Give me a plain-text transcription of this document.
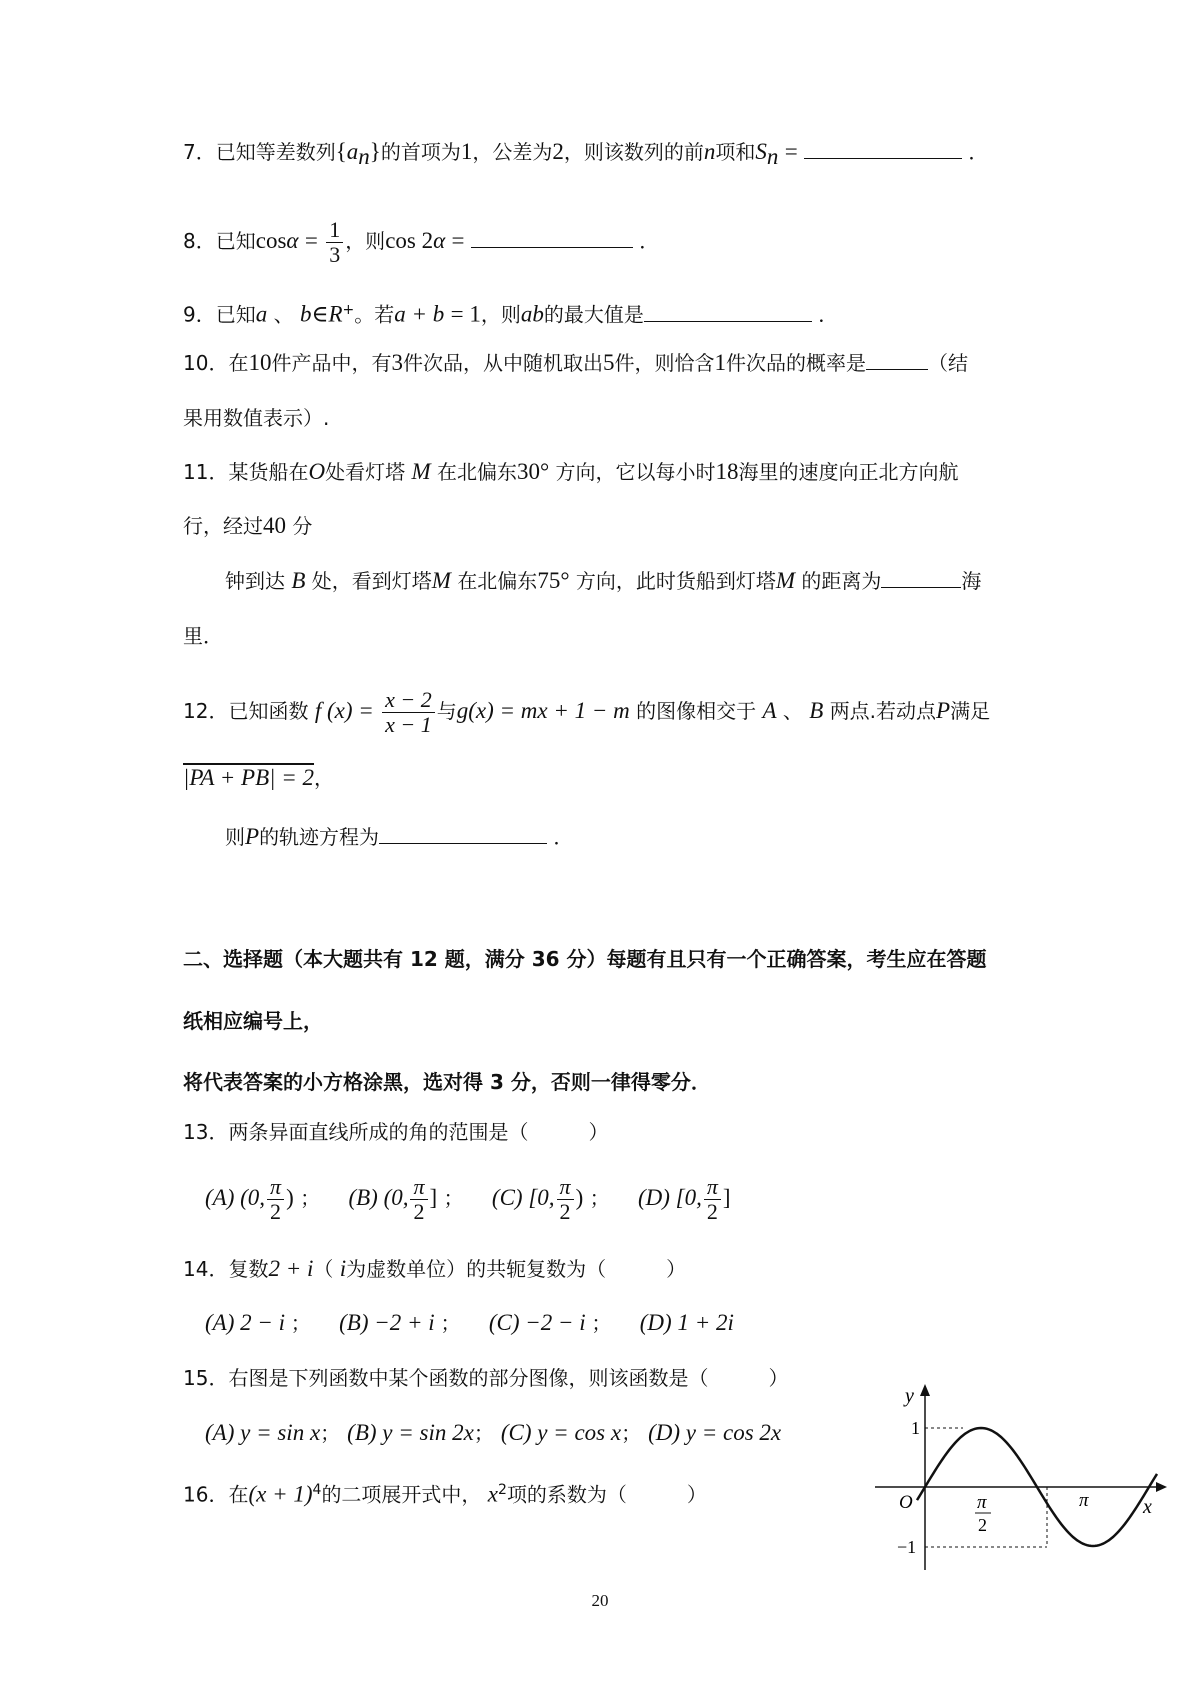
7．已知等差数列$\{a_n\}$的首项为1，公差为2，则该数列的前n项和$S_n$ =	．
8．已知$\cos\alpha = \frac{1}{3}$ ，则cos 2α =	．
9．已知a 、 b∈R+。若a + b = 1，则ab的最大值是	．
10．在10件产品中，有3件次品，从中随机取出5件，则恰含1件次品的概率是	（结
果用数值表示）.
11．某货船在O处看灯塔 M 在北偏东30° 方向，它以每小时18海里的速度向正北方向航
行，经过40 分
钟到达 B 处，看到灯塔M 在北偏东75° 方向，此时货船到灯塔M 的距离为	海
里．
12．已知函数 f $(x) = \frac{x - 2}{x - 1}$ 与g(x) = mx + 1 − m 的图像相交于 A 、 B 两点.若动点P满足
|PA + PB| = 2，
则P的轨迹方程为	．
二、选择题（本大题共有 12 题，满分 36 分）每题有且只有一个正确答案，考生应在答题
纸相应编号上，
将代表答案的小方格涂黑，选对得 3 分，否则一律得零分．
13．两条异面直线所成的角的范围是（　　　）
(A) (0, $\frac{\pi}{2}$ ) ； (B) (0, $\frac{\pi}{2}$ ] ； (C) [0, $\frac{\pi}{2}$ ) ； (D) [0, $\frac{\pi}{2}$ ]
14．复数2 + i（ i为虚数单位）的共轭复数为（　　　）
(A) 2 − i ； (B) −2 + i ； (C) −2 − i ； (D) 1 + 2i
15．右图是下列函数中某个函数的部分图像，则该函数是（　　　）
(A) y = sin x； (B) y = sin 2x； (C) y = cos x； (D) y = cos 2x
16．在$(x + 1)^4$的二项展开式中， $x^2$项的系数为（　　　）
y
x
O
1
−1
π
2
π
20
